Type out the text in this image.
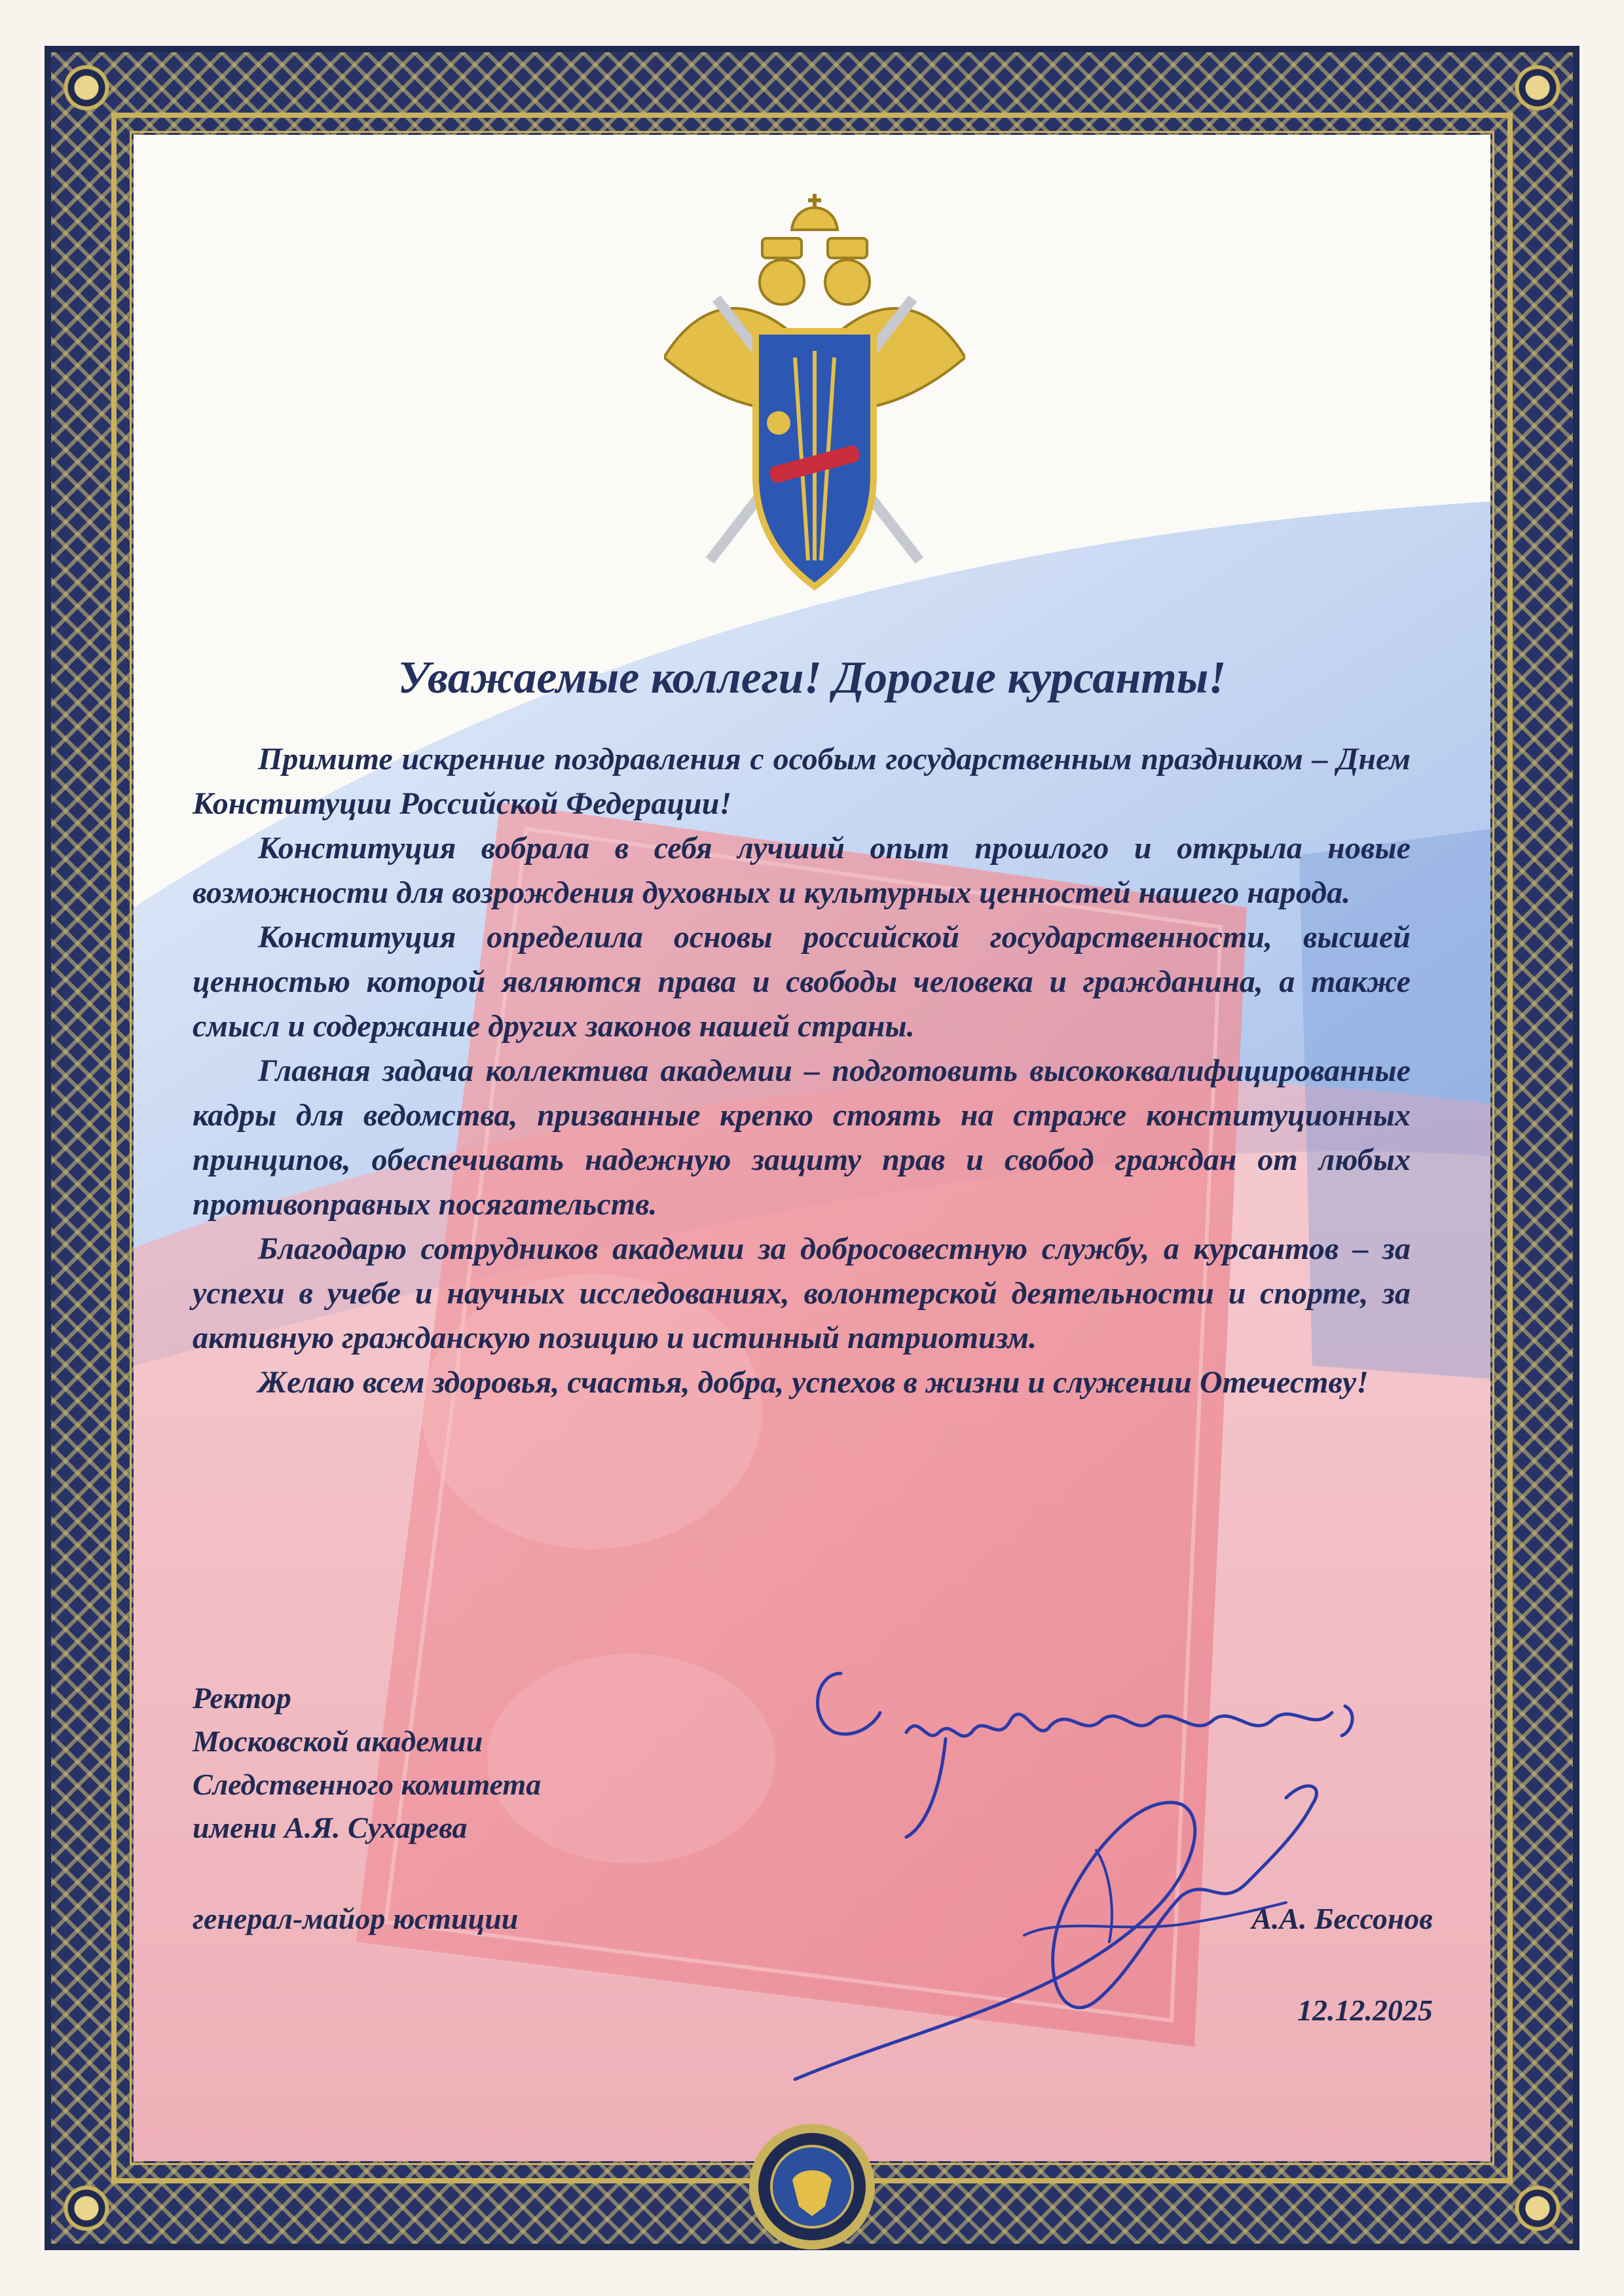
Уважаемые коллеги! Дорогие курсанты!

Примите искренние поздравления с особым государственным праздником – Днем Конституции Российской Федерации!

Конституция вобрала в себя лучший опыт прошлого и открыла новые возможности для возрождения духовных и культурных ценностей нашего народа.

Конституция определила основы российской государственности, высшей ценностью которой являются права и свободы человека и гражданина, а также смысл и содержание других законов нашей страны.

Главная задача коллектива академии – подготовить высококвалифицированные кадры для ведомства, призванные крепко стоять на страже конституционных принципов, обеспечивать надежную защиту прав и свобод граждан от любых противоправных посягательств.

Благодарю сотрудников академии за добросовестную службу, а курсантов – за успехи в учебе и научных исследованиях, волонтерской деятельности и спорте, за активную гражданскую позицию и истинный патриотизм.

Желаю всем здоровья, счастья, добра, успехов в жизни и служении Отечеству!

Ректор
Московской академии
Следственного комитета
имени А.Я. Сухарева
генерал-майор юстиции	А.А. Бессонов
12.12.2025
